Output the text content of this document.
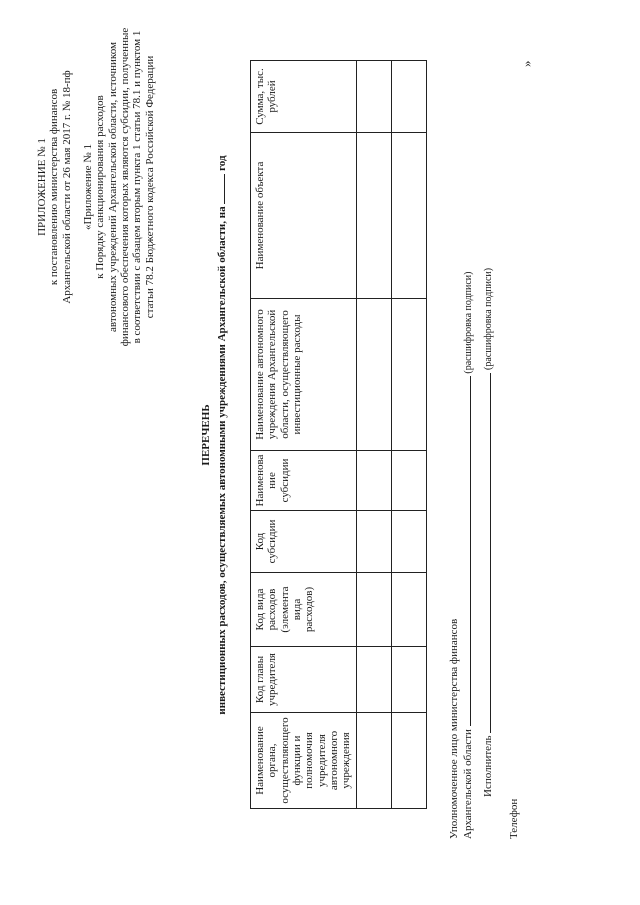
ПРИЛОЖЕНИЕ № 1 к постановлению министерства финансов Архангельской области от 26 мая 2017 г. № 18-пф «Приложение № 1 к Порядку санкционирования расходов автономных учреждений Архангельской области, источником финансового обеспечения которых являются субсидии, полученные в соответствии с абзацем вторым пункта 1 статьи 78.1 и пунктом 1 статьи 78.2 Бюджетного кодекса Российской Федерации
ПЕРЕЧЕНЬ инвестиционных расходов, осуществляемых автономными учреждениями Архангельской области, на  год
Наименование органа, осуществляющего функции и полномочия учредителя автономного учреждения	Код главы учредителя	Код вида расходов (элемента вида расходов)	Код субсидии	Наименова ние субсидии	Наименование автономного учреждения Архангельской области, осуществляющего инвестиционные расходы	Наименование объекта	Сумма, тыс. рублей

Уполномоченное лицо министерства финансов Архангельской области  (расшифровка подписи)
Исполнитель  (расшифровка подписи)
Телефон
»
